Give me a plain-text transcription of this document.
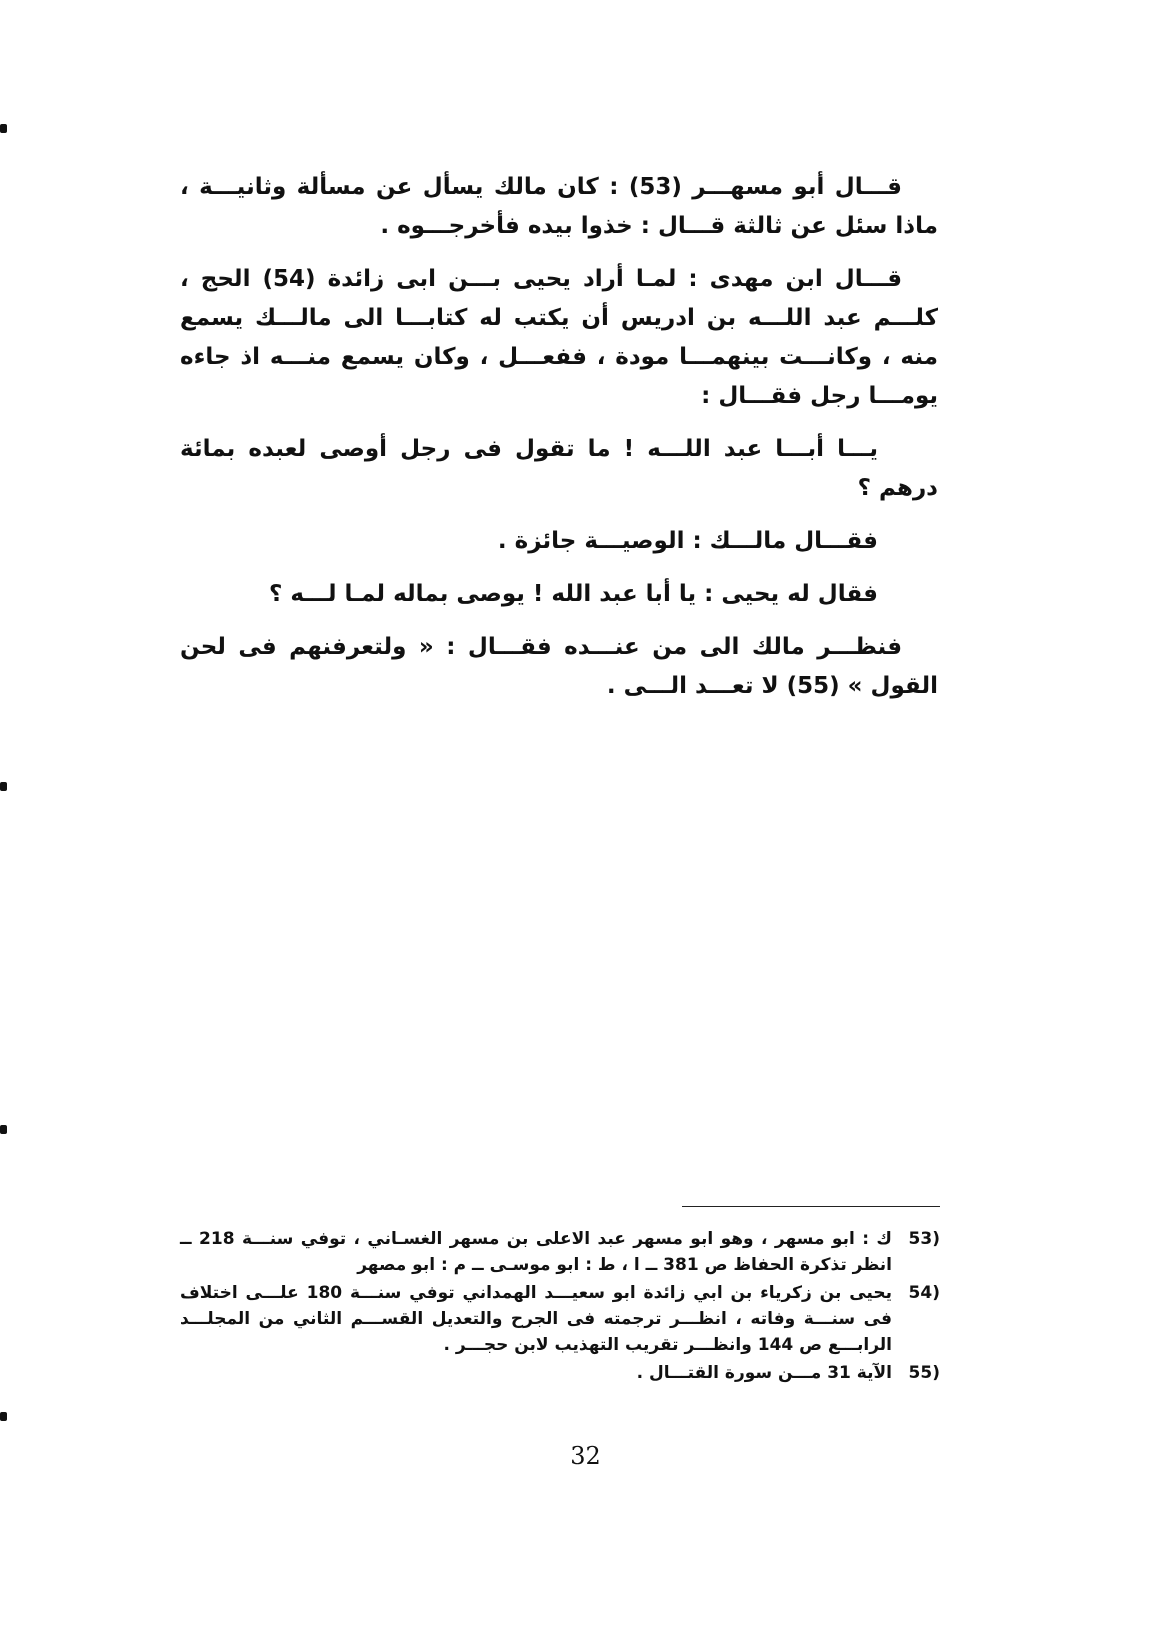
قـــال أبو مسهـــر (53) : كان مالك يسأل عن مسألة وثانيـــة ، ماذا سئل عن ثالثة قـــال : خذوا بيده فأخرجـــوه .

قـــال ابن مهدى : لمـا أراد يحيى بـــن ابى زائدة (54) الحج ، كلـــم عبد اللـــه بن ادريس أن يكتب له كتابـــا الى مالـــك يسمع منه ، وكانـــت بينهمـــا مودة ، ففعـــل ، وكان يسمع منـــه اذ جاءه يومـــا رجل فقـــال :

يـــا أبـــا عبد اللـــه ! ما تقول فى رجل أوصى لعبده بمائة درهم ؟

فقـــال مالـــك : الوصيـــة جائزة .

فقال له يحيى : يا أبا عبد الله ! يوصى بماله لمـا لـــه ؟

فنظـــر مالك الى من عنـــده فقـــال : « ولتعرفنهم فى لحن القول » (55) لا تعـــد الـــى .

(53
ك : ابو مسهر ، وهو ابو مسهر عبد الاعلى بن مسهر الغسـاني ، توفي سنـــة 218 ــ انظر تذكرة الحفاظ ص 381 ــ ا ، ط : ابو موسـى ــ م : ابو مصهر
(54
يحيى بن زكرياء بن ابي زائدة ابو سعيـــد الهمداني توفي سنـــة 180 علـــى اختلاف فى سنـــة وفاته ، انظـــر ترجمته فى الجرح والتعديل القســـم الثاني من المجلـــد الرابـــع ص 144 وانظـــر تقريب التهذيب لابن حجـــر .
(55
الآية 31 مـــن سورة القتـــال .
32
